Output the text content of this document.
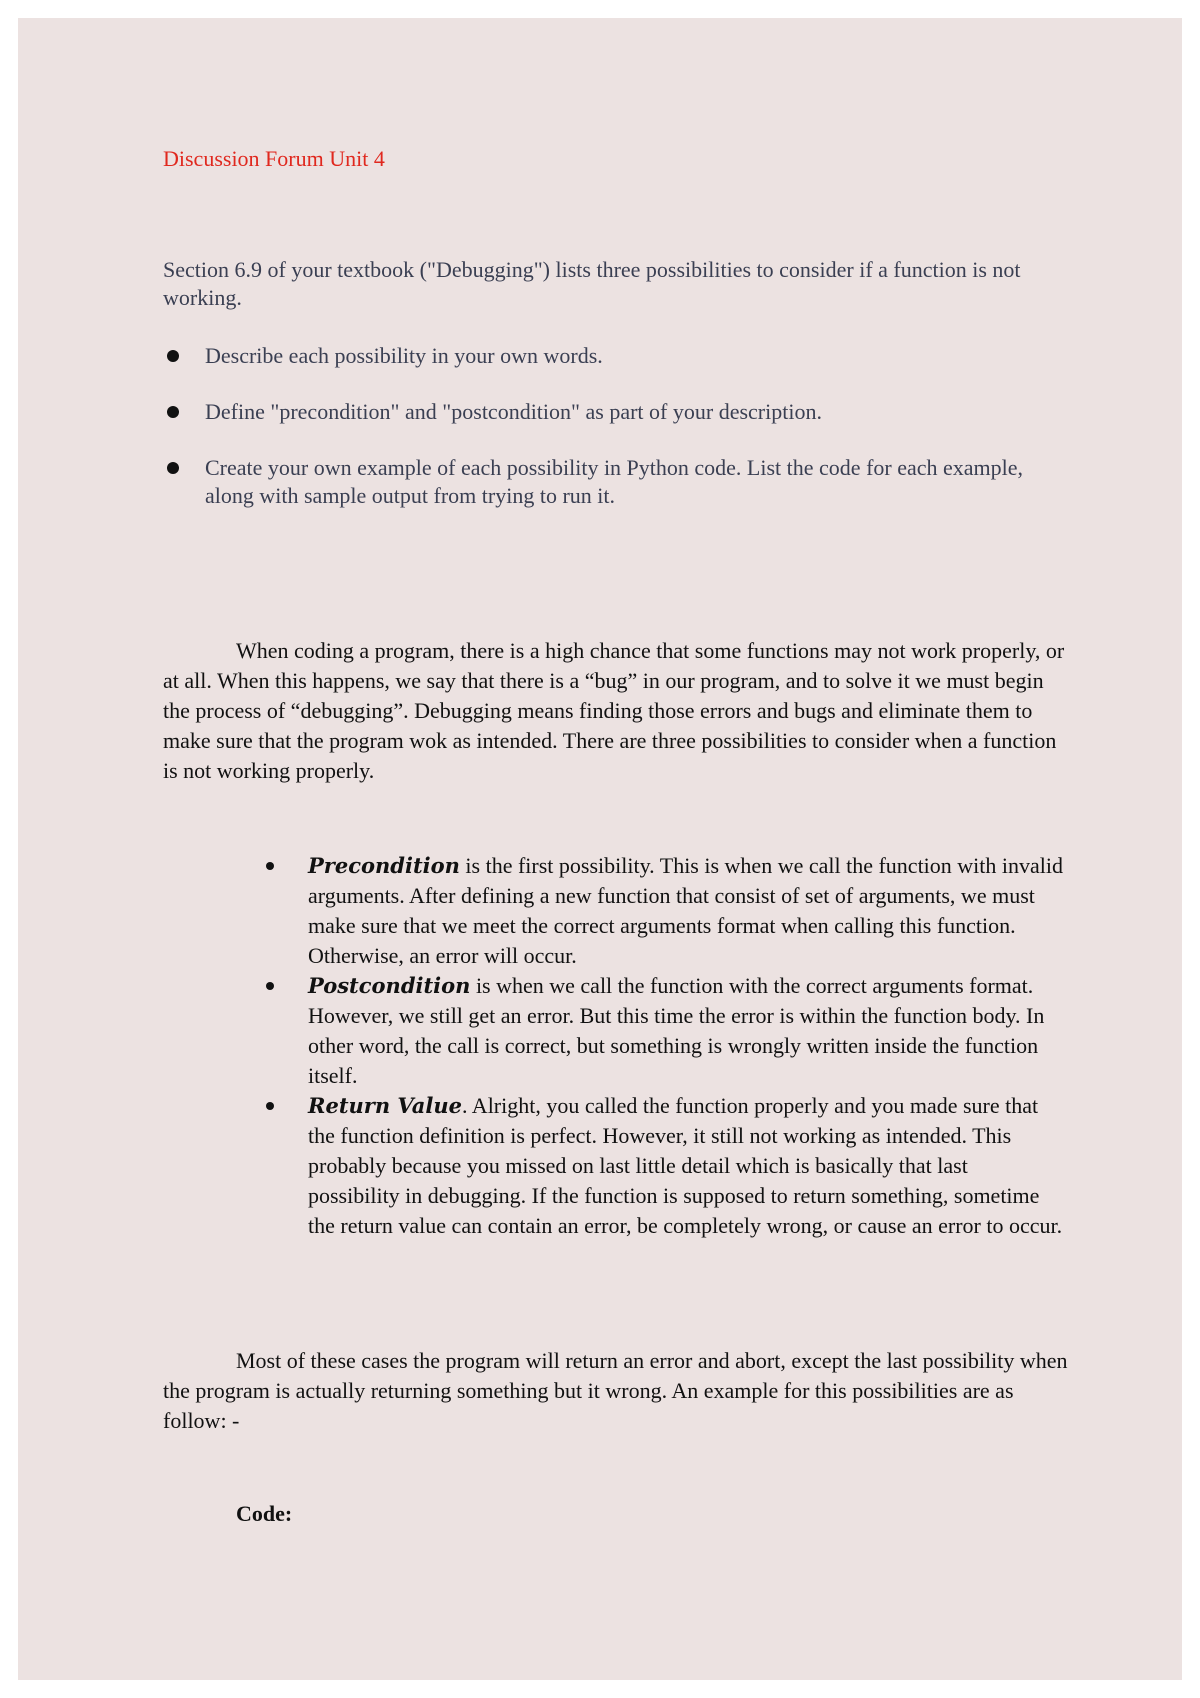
Discussion Forum Unit 4

Section 6.9 of your textbook ("Debugging") lists three possibilities to consider if a function is not working.

Describe each possibility in your own words.
Define "precondition" and "postcondition" as part of your description.
Create your own example of each possibility in Python code. List the code for each example, along with sample output from trying to run it.

When coding a program, there is a high chance that some functions may not work properly, or at all. When this happens, we say that there is a “bug” in our program, and to solve it we must begin the process of “debugging”. Debugging means finding those errors and bugs and eliminate them to make sure that the program wok as intended. There are three possibilities to consider when a function is not working properly.

Precondition is the first possibility. This is when we call the function with invalid arguments. After defining a new function that consist of set of arguments, we must make sure that we meet the correct arguments format when calling this function. Otherwise, an error will occur.
Postcondition is when we call the function with the correct arguments format. However, we still get an error. But this time the error is within the function body. In other word, the call is correct, but something is wrongly written inside the function itself.
Return Value. Alright, you called the function properly and you made sure that the function definition is perfect. However, it still not working as intended. This probably because you missed on last little detail which is basically that last possibility in debugging. If the function is supposed to return something, sometime the return value can contain an error, be completely wrong, or cause an error to occur.

Most of these cases the program will return an error and abort, except the last possibility when the program is actually returning something but it wrong. An example for this possibilities are as follow: -

Code:
